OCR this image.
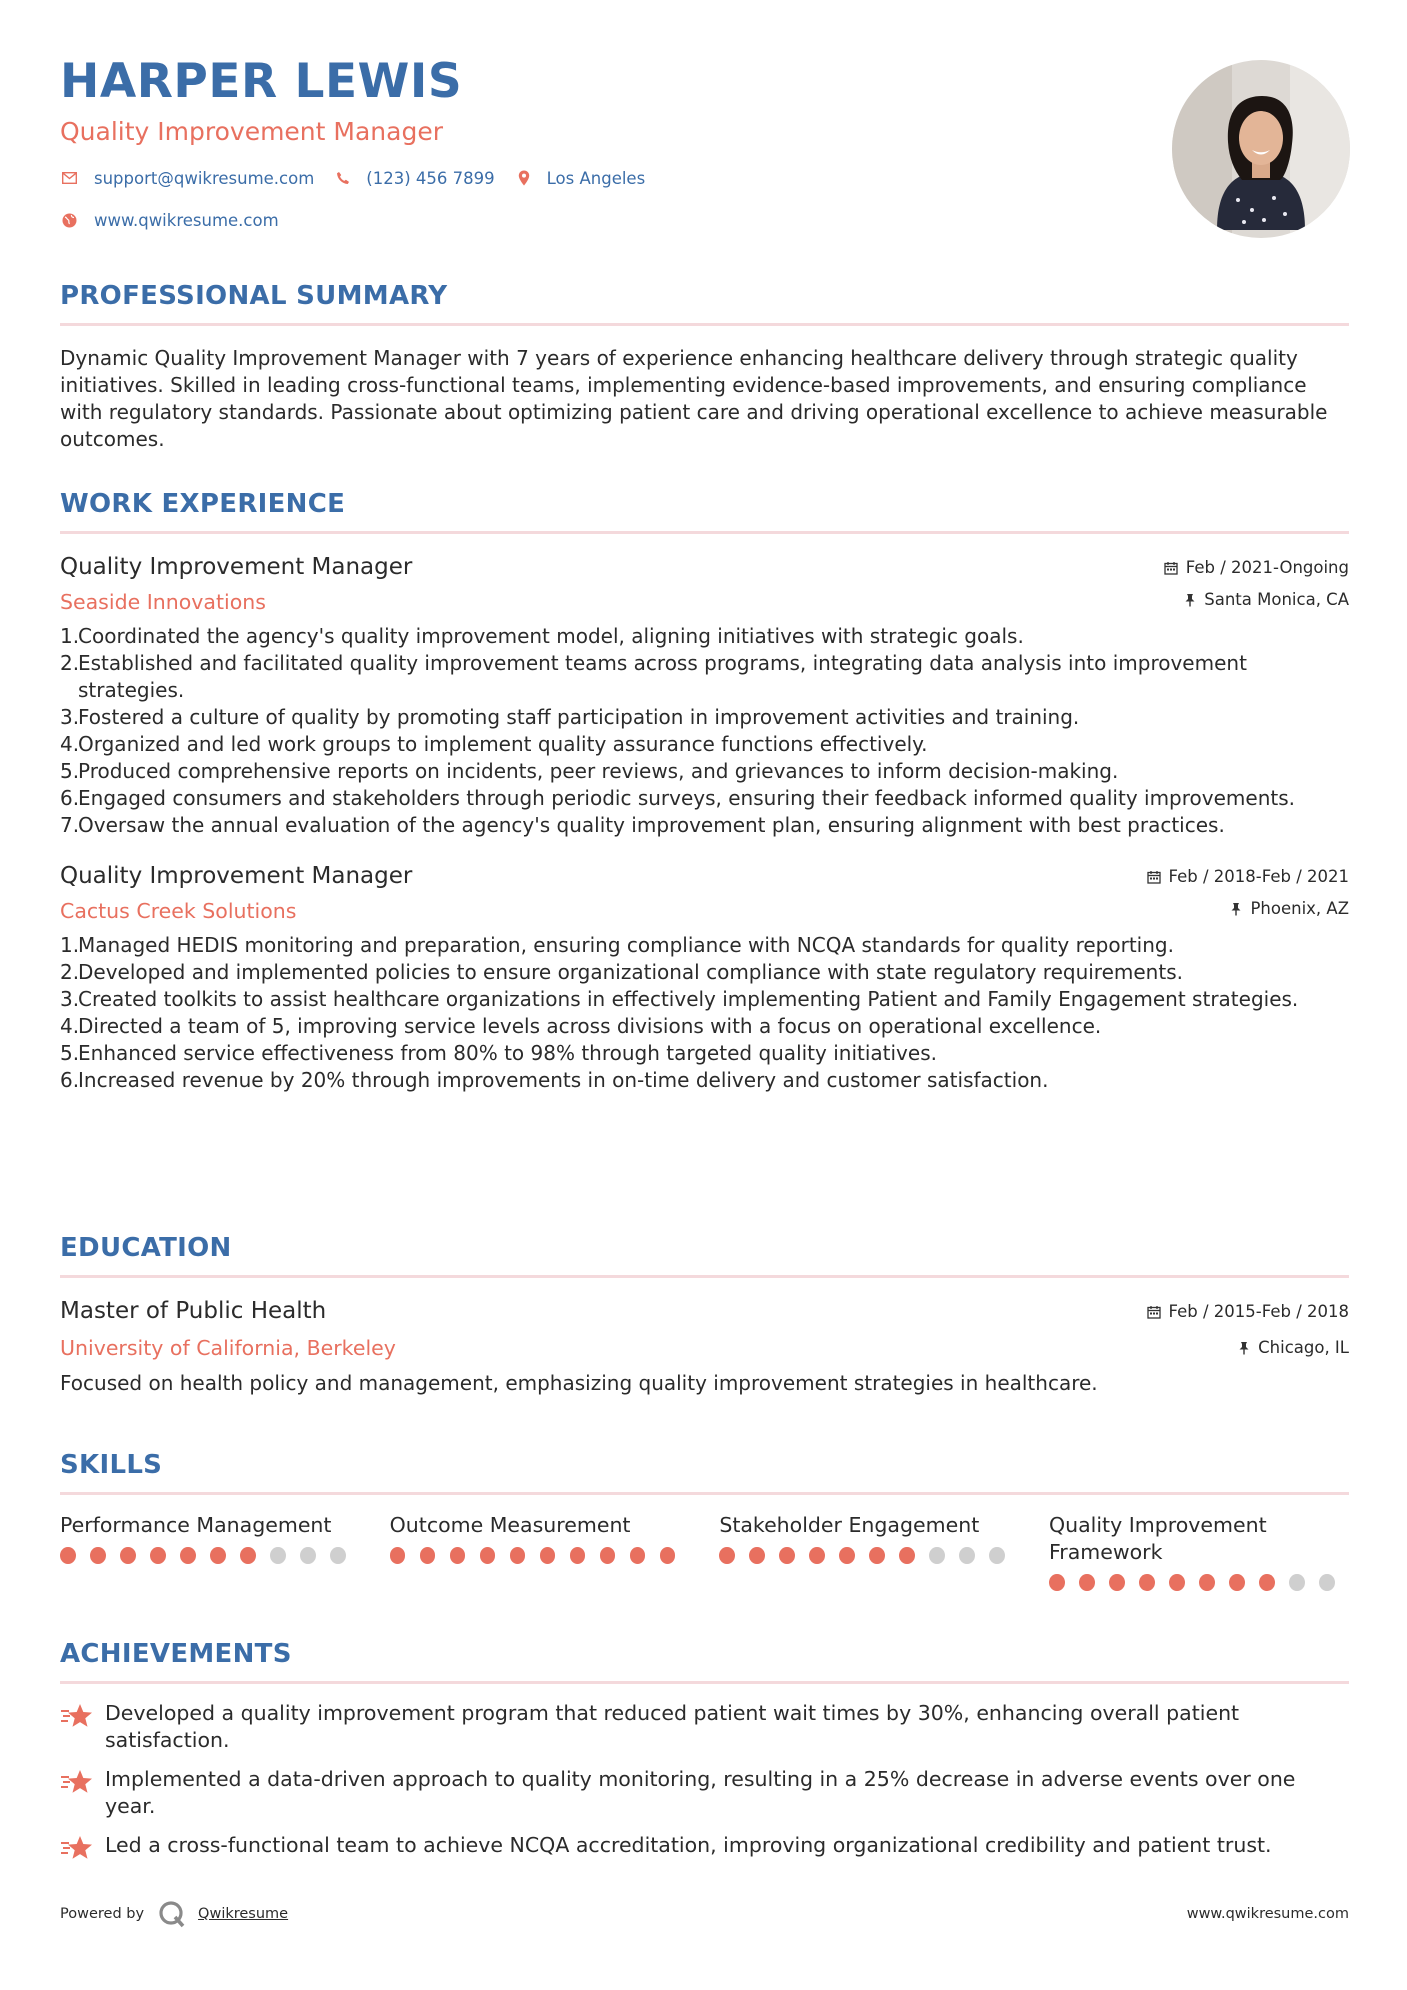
HARPER LEWIS
Quality Improvement Manager
support@qwikresume.com	(123) 456 7899	Los Angeles
www.qwikresume.com
PROFESSIONAL SUMMARY
Dynamic Quality Improvement Manager with 7 years of experience enhancing healthcare delivery through strategic quality initiatives. Skilled in leading cross-functional teams, implementing evidence-based improvements, and ensuring compliance with regulatory standards. Passionate about optimizing patient care and driving operational excellence to achieve measurable outcomes.
WORK EXPERIENCE
Quality Improvement Manager
Seaside Innovations
Feb / 2021-Ongoing
Santa Monica, CA
Coordinated the agency's quality improvement model, aligning initiatives with strategic goals.
Established and facilitated quality improvement teams across programs, integrating data analysis into improvement strategies.
Fostered a culture of quality by promoting staff participation in improvement activities and training.
Organized and led work groups to implement quality assurance functions effectively.
Produced comprehensive reports on incidents, peer reviews, and grievances to inform decision-making.
Engaged consumers and stakeholders through periodic surveys, ensuring their feedback informed quality improvements.
Oversaw the annual evaluation of the agency's quality improvement plan, ensuring alignment with best practices.
Quality Improvement Manager
Cactus Creek Solutions
Feb / 2018-Feb / 2021
Phoenix, AZ
Managed HEDIS monitoring and preparation, ensuring compliance with NCQA standards for quality reporting.
Developed and implemented policies to ensure organizational compliance with state regulatory requirements.
Created toolkits to assist healthcare organizations in effectively implementing Patient and Family Engagement strategies.
Directed a team of 5, improving service levels across divisions with a focus on operational excellence.
Enhanced service effectiveness from 80% to 98% through targeted quality initiatives.
Increased revenue by 20% through improvements in on-time delivery and customer satisfaction.
EDUCATION
Master of Public Health
University of California, Berkeley
Feb / 2015-Feb / 2018
Chicago, IL
Focused on health policy and management, emphasizing quality improvement strategies in healthcare.
SKILLS
Performance Management	Outcome Measurement	Stakeholder Engagement	Quality Improvement Framework
ACHIEVEMENTS
Developed a quality improvement program that reduced patient wait times by 30%, enhancing overall patient satisfaction.
Implemented a data-driven approach to quality monitoring, resulting in a 25% decrease in adverse events over one year.
Led a cross-functional team to achieve NCQA accreditation, improving organizational credibility and patient trust.
Powered by	Qwikresume	www.qwikresume.com
